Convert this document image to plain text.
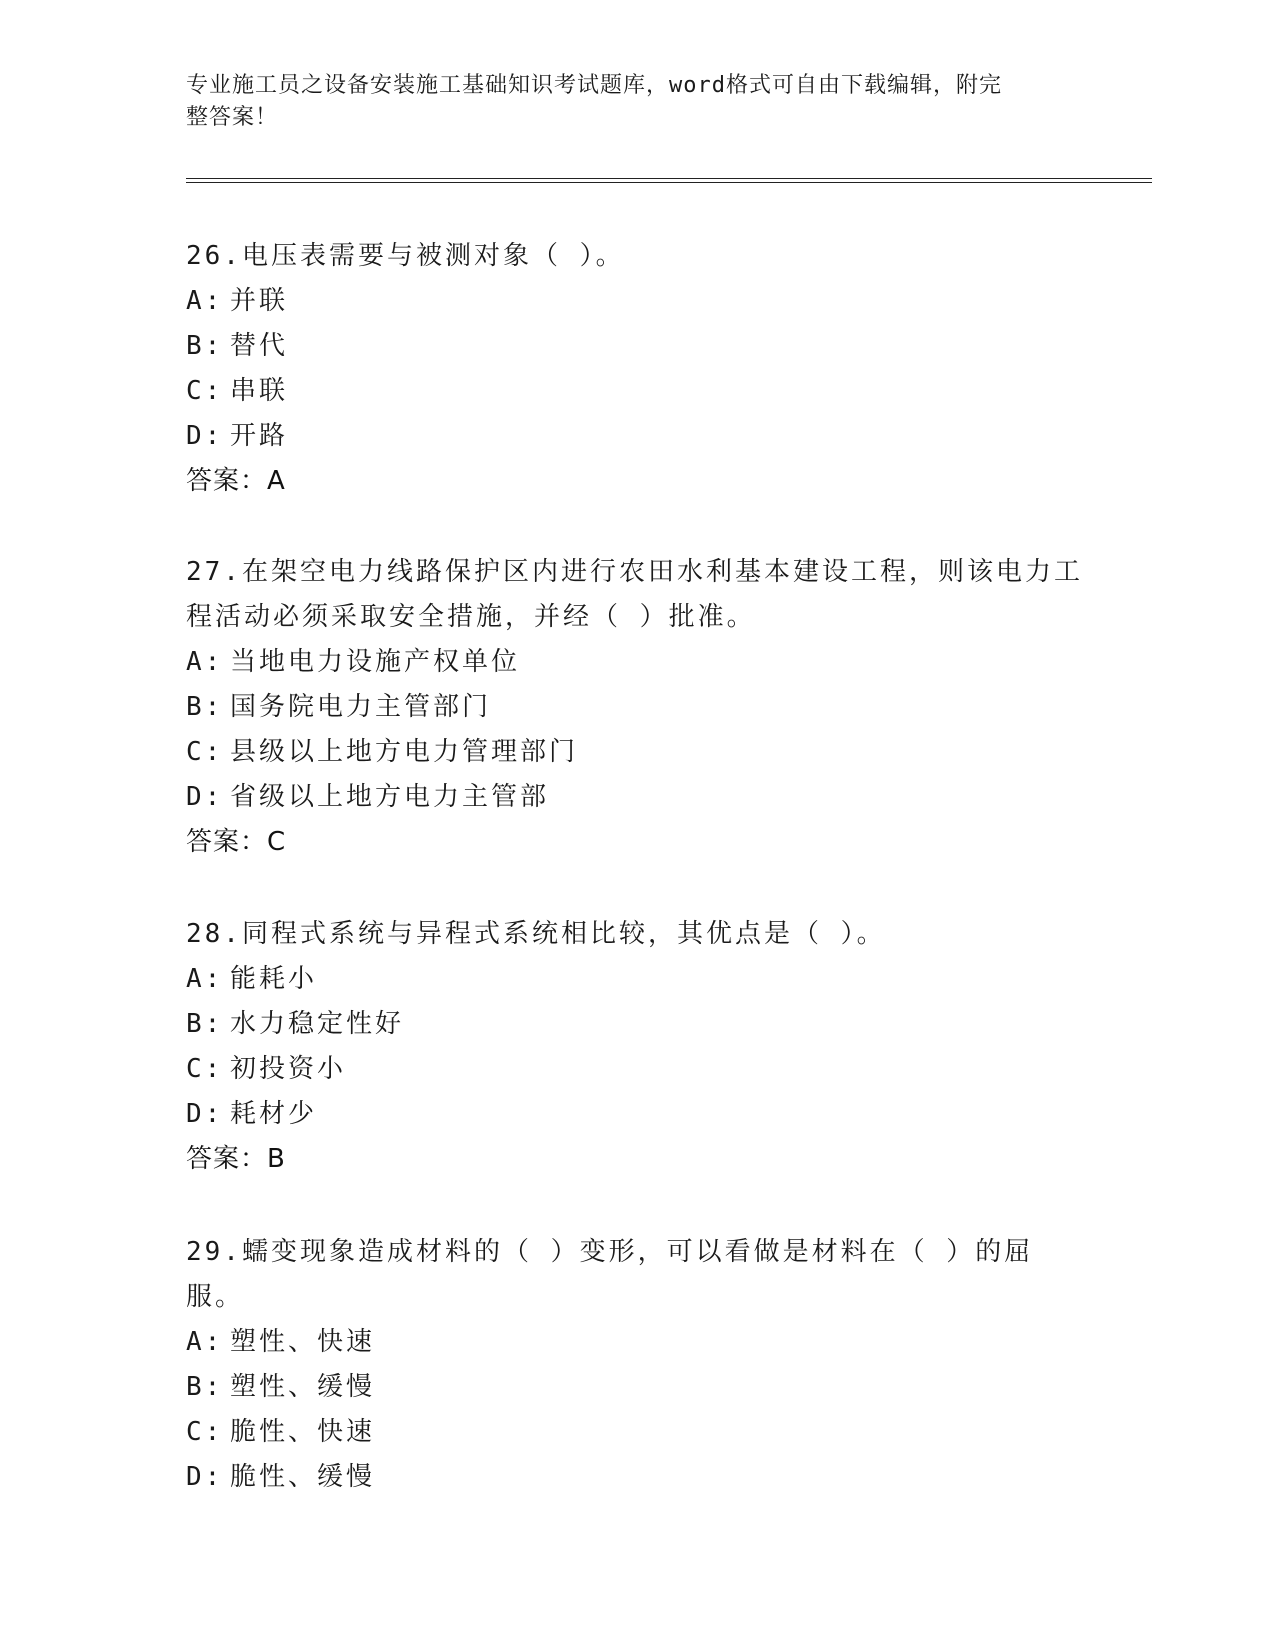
专业施工员之设备安装施工基础知识考试题库，word格式可自由下载编辑，附完
整答案！

26.电压表需要与被测对象（ ）。

A: 并联

B: 替代

C: 串联

D: 开路

答案：A

27.在架空电力线路保护区内进行农田水利基本建设工程，则该电力工程活动必须采取安全措施，并经（ ）批准。

A: 当地电力设施产权单位

B: 国务院电力主管部门

C: 县级以上地方电力管理部门

D: 省级以上地方电力主管部

答案：C

28.同程式系统与异程式系统相比较，其优点是（ ）。

A: 能耗小

B: 水力稳定性好

C: 初投资小

D: 耗材少

答案：B

29.蠕变现象造成材料的（ ）变形，可以看做是材料在（ ）的屈服。

A: 塑性、快速

B: 塑性、缓慢

C: 脆性、快速

D: 脆性、缓慢
